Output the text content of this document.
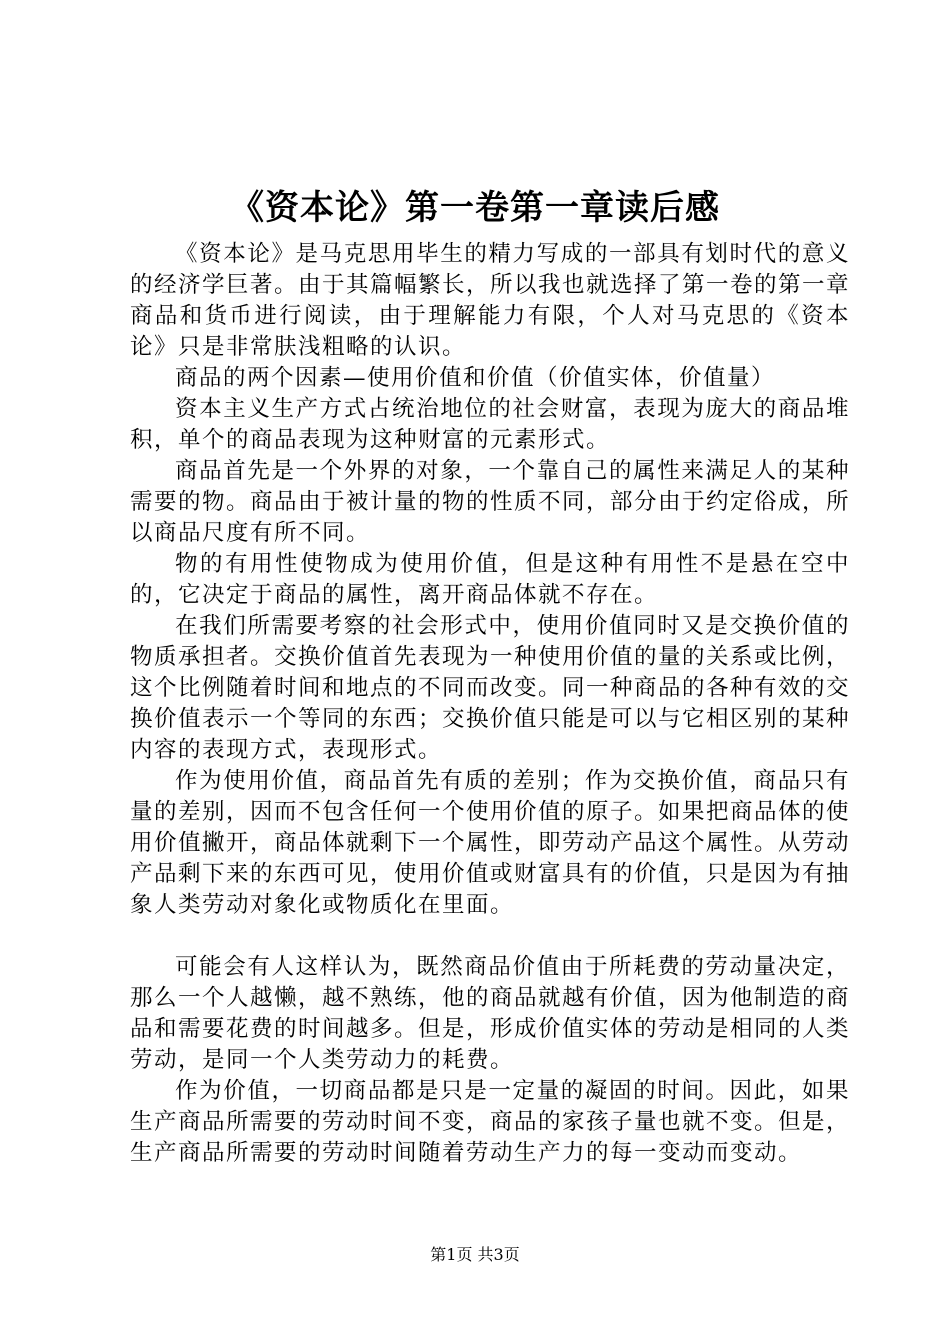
《资本论》第一卷第一章读后感

《资本论》是马克思用毕生的精力写成的一部具有划时代的意义的经济学巨著。由于其篇幅繁长，所以我也就选择了第一卷的第一章商品和货币进行阅读，由于理解能力有限，个人对马克思的《资本论》只是非常肤浅粗略的认识。

商品的两个因素—使用价值和价值（价值实体，价值量）

资本主义生产方式占统治地位的社会财富，表现为庞大的商品堆积，单个的商品表现为这种财富的元素形式。

商品首先是一个外界的对象，一个靠自己的属性来满足人的某种需要的物。商品由于被计量的物的性质不同，部分由于约定俗成，所以商品尺度有所不同。

物的有用性使物成为使用价值，但是这种有用性不是悬在空中的，它决定于商品的属性，离开商品体就不存在。

在我们所需要考察的社会形式中，使用价值同时又是交换价值的物质承担者。交换价值首先表现为一种使用价值的量的关系或比例，这个比例随着时间和地点的不同而改变。同一种商品的各种有效的交换价值表示一个等同的东西；交换价值只能是可以与它相区别的某种内容的表现方式，表现形式。

作为使用价值，商品首先有质的差别；作为交换价值，商品只有量的差别，因而不包含任何一个使用价值的原子。如果把商品体的使用价值撇开，商品体就剩下一个属性，即劳动产品这个属性。从劳动产品剩下来的东西可见，使用价值或财富具有的价值，只是因为有抽象人类劳动对象化或物质化在里面。

可能会有人这样认为，既然商品价值由于所耗费的劳动量决定，那么一个人越懒，越不熟练，他的商品就越有价值，因为他制造的商品和需要花费的时间越多。但是，形成价值实体的劳动是相同的人类劳动，是同一个人类劳动力的耗费。

作为价值，一切商品都是只是一定量的凝固的时间。因此，如果生产商品所需要的劳动时间不变，商品的家孩子量也就不变。但是，生产商品所需要的劳动时间随着劳动生产力的每一变动而变动。

第1页 共3页
